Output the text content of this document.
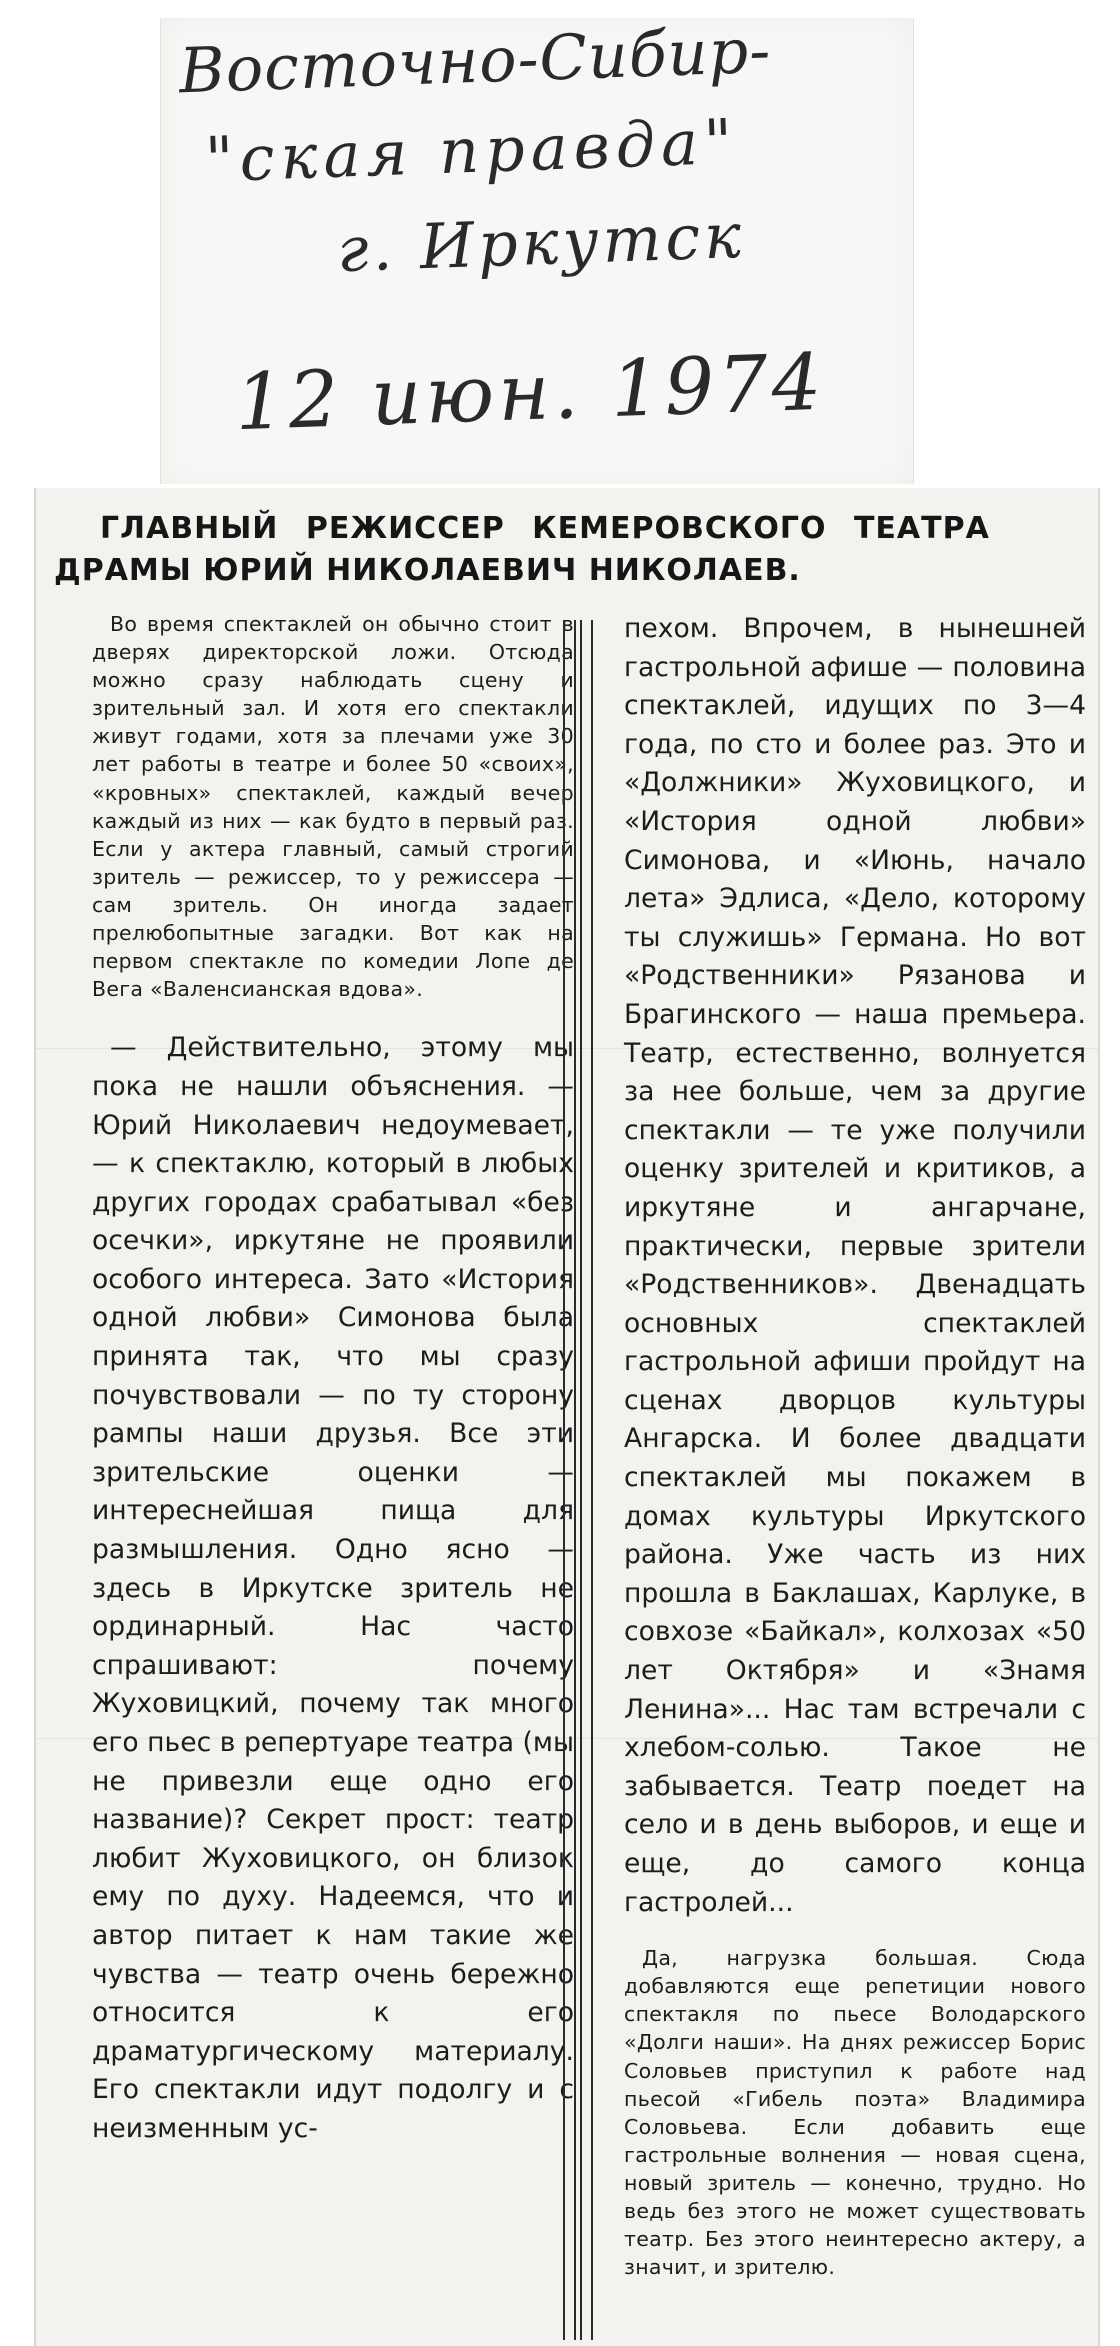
Восточно-Сибир-

"ская правда"

г. Иркутск

12 июн. 1974

ГЛАВНЫЙ РЕЖИССЕР КЕМЕРОВСКОГО ТЕАТРА
ДРАМЫ ЮРИЙ НИКОЛАЕВИЧ НИКОЛАЕВ.

Во время спектаклей он обычно стоит в дверях директорской ложи. Отсюда можно сразу наблюдать сцену и зрительный зал. И хотя его спектакли живут годами, хотя за плечами уже 30 лет работы в театре и более 50 «своих», «кровных» спектаклей, каждый вечер каждый из них — как будто в первый раз. Если у актера главный, самый строгий зритель — режиссер, то у режиссера — сам зритель. Он иногда задает прелюбопытные загадки. Вот как на первом спектакле по комедии Лопе де Вега «Валенсианская вдова».

— Действительно, этому мы пока не нашли объяснения. — Юрий Николаевич недоумевает, — к спектаклю, который в любых других городах срабатывал «без осечки», иркутяне не проявили особого интереса. Зато «История одной любви» Симонова была принята так, что мы сразу почувствовали — по ту сторону рампы наши друзья. Все эти зрительские оценки — интереснейшая пища для размышления. Одно ясно — здесь в Иркутске зритель не ординарный. Нас часто спрашивают: почему Жуховицкий, почему так много его пьес в репертуаре театра (мы не привезли еще одно его название)? Секрет прост: театр любит Жуховицкого, он близок ему по духу. Надеемся, что и автор питает к нам такие же чувства — театр очень бережно относится к его драматургическому материалу. Его спектакли идут подолгу и с неизменным ус-

пехом. Впрочем, в нынешней гастрольной афише — половина спектаклей, идущих по 3—4 года, по сто и более раз. Это и «Должники» Жуховицкого, и «История одной любви» Симонова, и «Июнь, начало лета» Эдлиса, «Дело, которому ты служишь» Германа. Но вот «Родственники» Рязанова и Брагинского — наша премьера. Театр, естественно, волнуется за нее больше, чем за другие спектакли — те уже получили оценку зрителей и критиков, а иркутяне и ангарчане, практически, первые зрители «Родственников». Двенадцать основных спектаклей гастрольной афиши пройдут на сценах дворцов культуры Ангарска. И более двадцати спектаклей мы покажем в домах культуры Иркутского района. Уже часть из них прошла в Баклашах, Карлуке, в совхозе «Байкал», колхозах «50 лет Октября» и «Знамя Ленина»... Нас там встречали с хлебом-солью. Такое не забывается. Театр поедет на село и в день выборов, и еще и еще, до самого конца гастролей...

Да, нагрузка большая. Сюда добавляются еще репетиции нового спектакля по пьесе Володарского «Долги наши». На днях режиссер Борис Соловьев приступил к работе над пьесой «Гибель поэта» Владимира Соловьева. Если добавить еще гастрольные волнения — новая сцена, новый зритель — конечно, трудно. Но ведь без этого не может существовать театр. Без этого неинтересно актеру, а значит, и зрителю.
